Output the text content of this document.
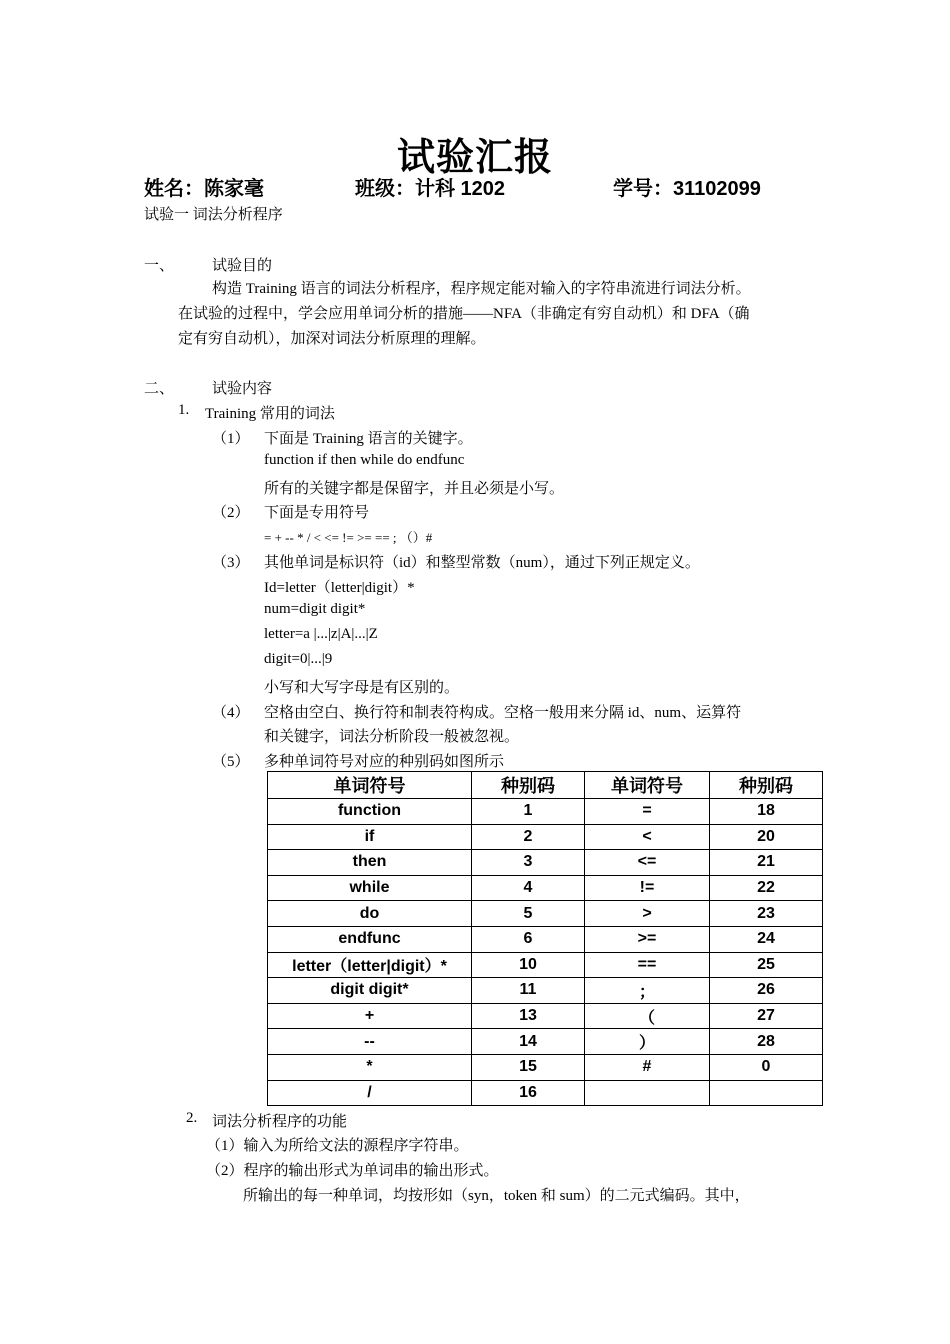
试验汇报
姓名：陈家毫	班级：计科 1202	学号：31102099
试验一 词法分析程序
一、	试验目的
构造 Training 语言的词法分析程序，程序规定能对输入的字符串流进行词法分析。
在试验的过程中，学会应用单词分析的措施——NFA（非确定有穷自动机）和 DFA（确
定有穷自动机），加深对词法分析原理的理解。
二、	试验内容
1. Training 常用的词法
（1） 下面是 Training 语言的关键字。
function if then while do endfunc
所有的关键字都是保留字，并且必须是小写。
（2） 下面是专用符号
= + -- * / < <= != >= == ; （）#
（3） 其他单词是标识符（id）和整型常数（num），通过下列正规定义。
Id=letter（letter|digit）*
num=digit digit*
letter=a |...|z|A|...|Z
digit=0|...|9
小写和大写字母是有区别的。
（4） 空格由空白、换行符和制表符构成。空格一般用来分隔 id、num、运算符
和关键字，词法分析阶段一般被忽视。
（5） 多种单词符号对应的种别码如图所示
单词符号	种别码	单词符号	种别码
function	1	=	18
if	2	<	20
then	3	<=	21
while	4	!=	22
do	5	>	23
endfunc	6	>=	24
letter（letter|digit）*	10	==	25
digit digit*	11	；	26
+	13	（	27
--	14	）	28
*	15	#	0
/	16		
2. 词法分析程序的功能
（1）输入为所给文法的源程序字符串。
（2）程序的输出形式为单词串的输出形式。
所输出的每一种单词，均按形如（syn，token 和 sum）的二元式编码。其中，
